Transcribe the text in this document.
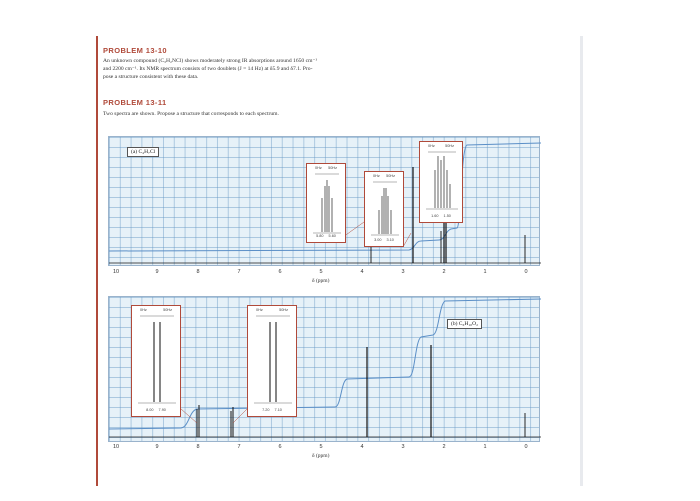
PROBLEM 13-10
An unknown compound (C₃H₂NCl) shows moderately strong IR absorptions around 1650 cm⁻¹
and 2200 cm⁻¹. Its NMR spectrum consists of two doublets (J = 14 Hz) at δ5.9 and δ7.1. Pro-
pose a structure consistent with these data.
PROBLEM 13-11
Two spectra are shown. Propose a structure that corresponds to each spectrum.
(a) C₄H₇Cl
0Hz 50Hz
5.80 5.60
0Hz 50Hz
3.00 3.10
0Hz	50Hz
1.60 1.50
10	9	8	7	6	5	4	3	2	1	0
δ (ppm)
(b) C₆H₁₀O₂
0Hz	50Hz
8.00 7.90
0Hz	50Hz
7.20 7.10
10	9	8	7	6	5	4	3	2	1	0
δ (ppm)
